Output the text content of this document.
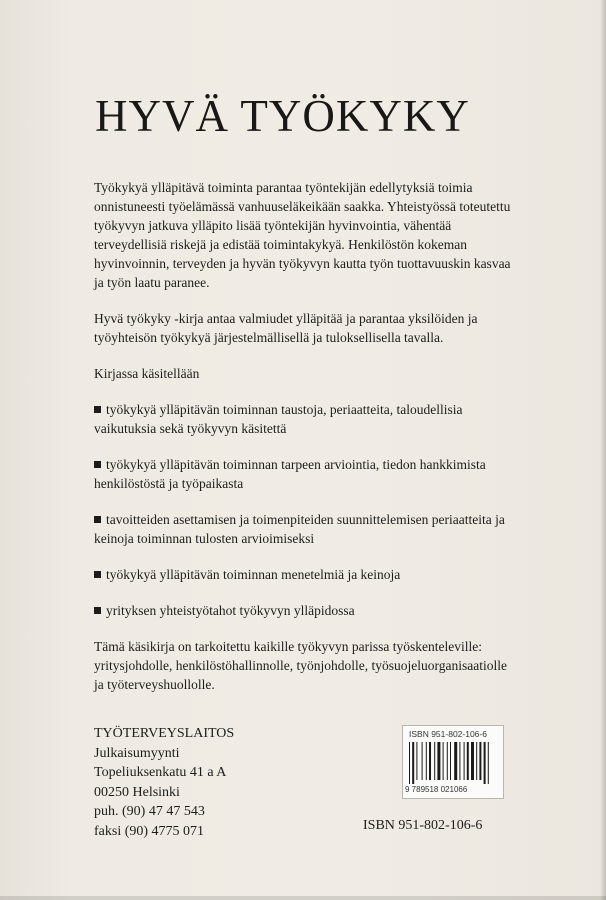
HYVÄ TYÖKYKY

Työkykyä ylläpitävä toiminta parantaa työntekijän edellytyksiä toimia onnistuneesti työelämässä vanhuuseläkeikään saakka. Yhteistyössä toteutettu työkyvyn jatkuva ylläpito lisää työntekijän hyvinvointia, vähentää terveydellisiä riskejä ja edistää toimintakykyä. Henkilöstön kokeman hyvinvoinnin, terveyden ja hyvän työkyvyn kautta työn tuottavuuskin kasvaa ja työn laatu paranee.

Hyvä työkyky -kirja antaa valmiudet ylläpitää ja parantaa yksilöiden ja työyhteisön työkykyä järjestelmällisellä ja tuloksellisella tavalla.

Kirjassa käsitellään

työkykyä ylläpitävän toiminnan taustoja, periaatteita, taloudellisia vaikutuksia sekä työkyvyn käsitettä
työkykyä ylläpitävän toiminnan tarpeen arviointia, tiedon hankkimista henkilöstöstä ja työpaikasta
tavoitteiden asettamisen ja toimenpiteiden suunnittelemisen periaatteita ja keinoja toiminnan tulosten arvioimiseksi
työkykyä ylläpitävän toiminnan menetelmiä ja keinoja
yrityksen yhteistyötahot työkyvyn ylläpidossa

Tämä käsikirja on tarkoitettu kaikille työkyvyn parissa työskenteleville: yritysjohdolle, henkilöstöhallinnolle, työnjohdolle, työsuojeluorganisaatiolle ja työterveyshuollolle.

TYÖTERVEYSLAITOS
Julkaisumyynti
Topeliuksenkatu 41 a A
00250 Helsinki
puh. (90) 47 47 543
faksi (90) 4775 071
ISBN 951-802-106-6
9 789518 021066
ISBN 951-802-106-6
